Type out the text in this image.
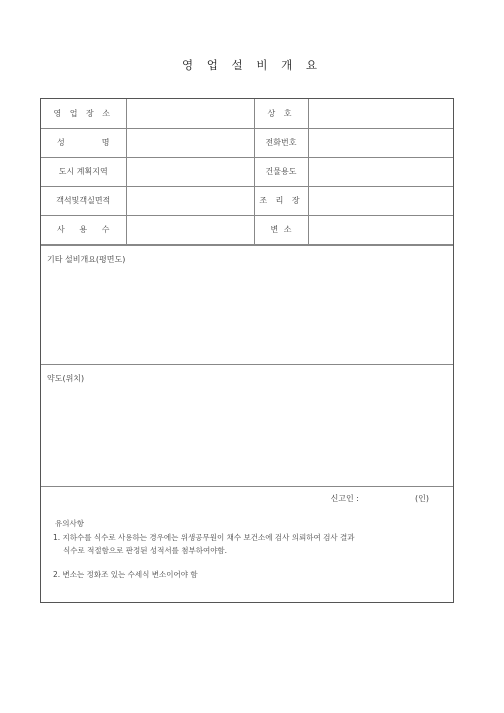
영 업 설 비 개 요
영 업 장 소		상 호	
성 명		전화번호	
도시 계획지역		건물용도	
객석및객실면적		조 리 장	
사 용 수		변 소	
기타 설비개요(평면도)
약도(위치)
신고인 :	(인)
유의사항
1. 지하수를 식수로 사용하는 경우에는 위생공무원이 채수 보건소에 검사 의뢰하여 검사 결과
식수로 적절함으로 판정된 성적서를 첨부하여야함.
2. 변소는 정화조 있는 수세식 변소이어야 함
